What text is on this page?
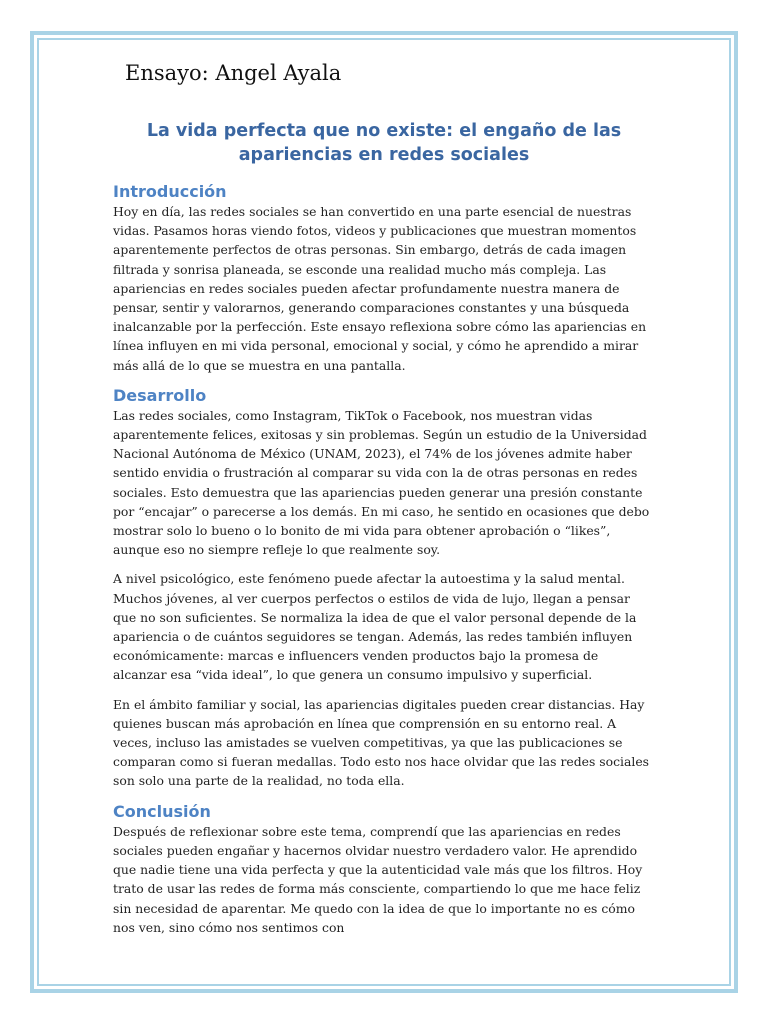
Ensayo: Angel Ayala
La vida perfecta que no existe: el engaño de las apariencias en redes sociales
Introducción

Hoy en día, las redes sociales se han convertido en una parte esencial de nuestras vidas. Pasamos horas viendo fotos, videos y publicaciones que muestran momentos aparentemente perfectos de otras personas. Sin embargo, detrás de cada imagen filtrada y sonrisa planeada, se esconde una realidad mucho más compleja. Las apariencias en redes sociales pueden afectar profundamente nuestra manera de pensar, sentir y valorarnos, generando comparaciones constantes y una búsqueda inalcanzable por la perfección. Este ensayo reflexiona sobre cómo las apariencias en línea influyen en mi vida personal, emocional y social, y cómo he aprendido a mirar más allá de lo que se muestra en una pantalla.

Desarrollo

Las redes sociales, como Instagram, TikTok o Facebook, nos muestran vidas aparentemente felices, exitosas y sin problemas. Según un estudio de la Universidad Nacional Autónoma de México (UNAM, 2023), el 74% de los jóvenes admite haber sentido envidia o frustración al comparar su vida con la de otras personas en redes sociales. Esto demuestra que las apariencias pueden generar una presión constante por “encajar” o parecerse a los demás. En mi caso, he sentido en ocasiones que debo mostrar solo lo bueno o lo bonito de mi vida para obtener aprobación o “likes”, aunque eso no siempre refleje lo que realmente soy.

A nivel psicológico, este fenómeno puede afectar la autoestima y la salud mental. Muchos jóvenes, al ver cuerpos perfectos o estilos de vida de lujo, llegan a pensar que no son suficientes. Se normaliza la idea de que el valor personal depende de la apariencia o de cuántos seguidores se tengan. Además, las redes también influyen económicamente: marcas e influencers venden productos bajo la promesa de alcanzar esa “vida ideal”, lo que genera un consumo impulsivo y superficial.

En el ámbito familiar y social, las apariencias digitales pueden crear distancias. Hay quienes buscan más aprobación en línea que comprensión en su entorno real. A veces, incluso las amistades se vuelven competitivas, ya que las publicaciones se comparan como si fueran medallas. Todo esto nos hace olvidar que las redes sociales son solo una parte de la realidad, no toda ella.

Conclusión

Después de reflexionar sobre este tema, comprendí que las apariencias en redes sociales pueden engañar y hacernos olvidar nuestro verdadero valor. He aprendido que nadie tiene una vida perfecta y que la autenticidad vale más que los filtros. Hoy trato de usar las redes de forma más consciente, compartiendo lo que me hace feliz sin necesidad de aparentar. Me quedo con la idea de que lo importante no es cómo nos ven, sino cómo nos sentimos con
